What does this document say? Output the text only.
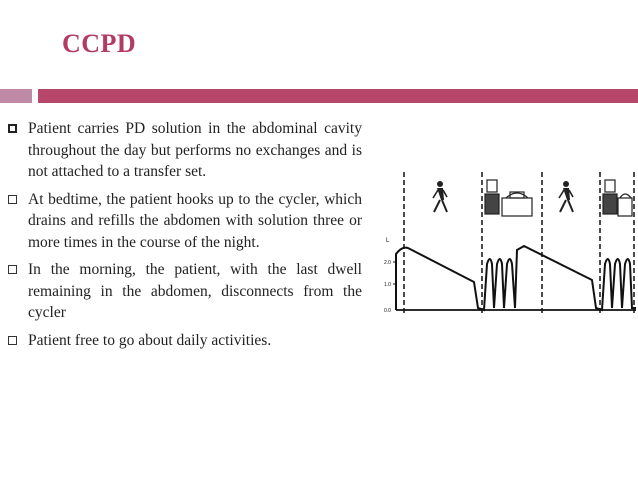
CCPD
Patient carries PD solution in the abdominal cavity throughout the day but performs no exchanges and is not attached to a transfer set.
At bedtime, the patient hooks up to the cycler, which drains and refills the abdomen with solution three or more times in the course of the night.
In the morning, the patient, with the last dwell remaining in the abdomen, disconnects from the cycler
Patient free to go about daily activities.
L
2.0
1.0
0.0
